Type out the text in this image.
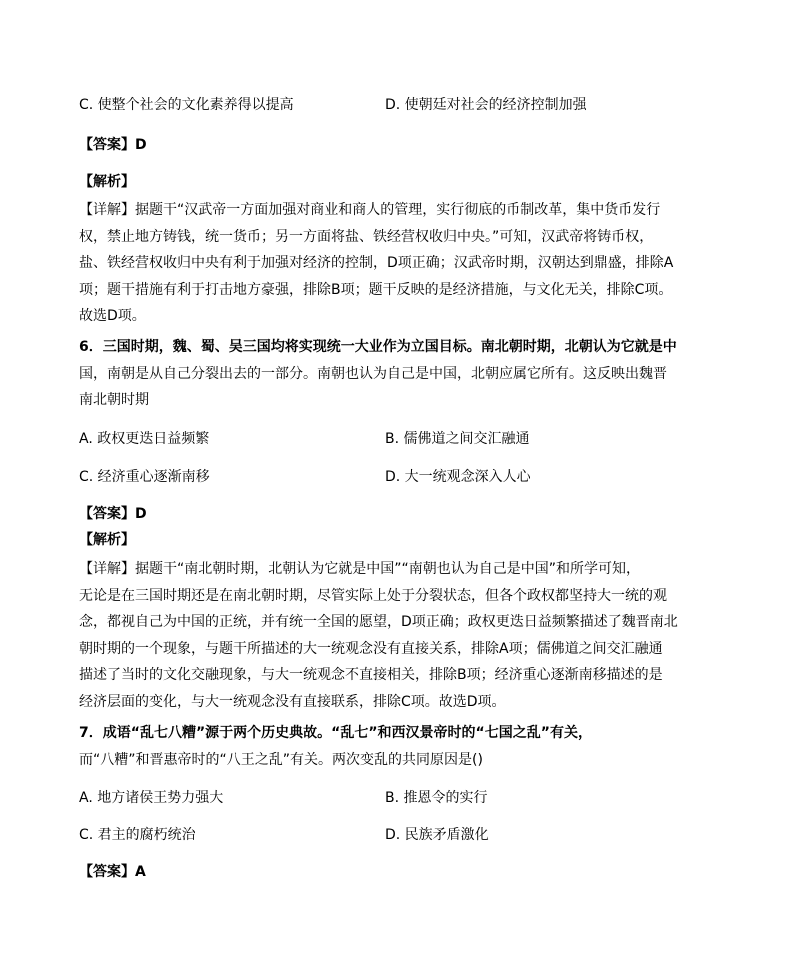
C. 使整个社会的文化素养得以提高	D. 使朝廷对社会的经济控制加强
【答案】D
【解析】
【详解】据题干“汉武帝一方面加强对商业和商人的管理，实行彻底的币制改革，集中货币发行
权，禁止地方铸钱，统一货币；另一方面将盐、铁经营权收归中央。”可知，汉武帝将铸币权，
盐、铁经营权收归中央有利于加强对经济的控制，D项正确；汉武帝时期，汉朝达到鼎盛，排除A
项；题干措施有利于打击地方豪强，排除B项；题干反映的是经济措施，与文化无关，排除C项。
故选D项。
6．三国时期，魏、蜀、吴三国均将实现统一大业作为立国目标。南北朝时期，北朝认为它就是中
国，南朝是从自己分裂出去的一部分。南朝也认为自己是中国，北朝应属它所有。这反映出魏晋
南北朝时期
A. 政权更迭日益频繁	B. 儒佛道之间交汇融通
C. 经济重心逐渐南移	D. 大一统观念深入人心
【答案】D
【解析】
【详解】据题干“南北朝时期，北朝认为它就是中国”“南朝也认为自己是中国”和所学可知，
无论是在三国时期还是在南北朝时期，尽管实际上处于分裂状态，但各个政权都坚持大一统的观
念，都视自己为中国的正统，并有统一全国的愿望，D项正确；政权更迭日益频繁描述了魏晋南北
朝时期的一个现象，与题干所描述的大一统观念没有直接关系，排除A项；儒佛道之间交汇融通
描述了当时的文化交融现象，与大一统观念不直接相关，排除B项；经济重心逐渐南移描述的是
经济层面的变化，与大一统观念没有直接联系，排除C项。故选D项。
7．成语“乱七八糟”源于两个历史典故。“乱七”和西汉景帝时的“七国之乱”有关，
而“八糟”和晋惠帝时的“八王之乱”有关。两次变乱的共同原因是()
A. 地方诸侯王势力强大	B. 推恩令的实行
C. 君主的腐朽统治	D. 民族矛盾激化
【答案】A
